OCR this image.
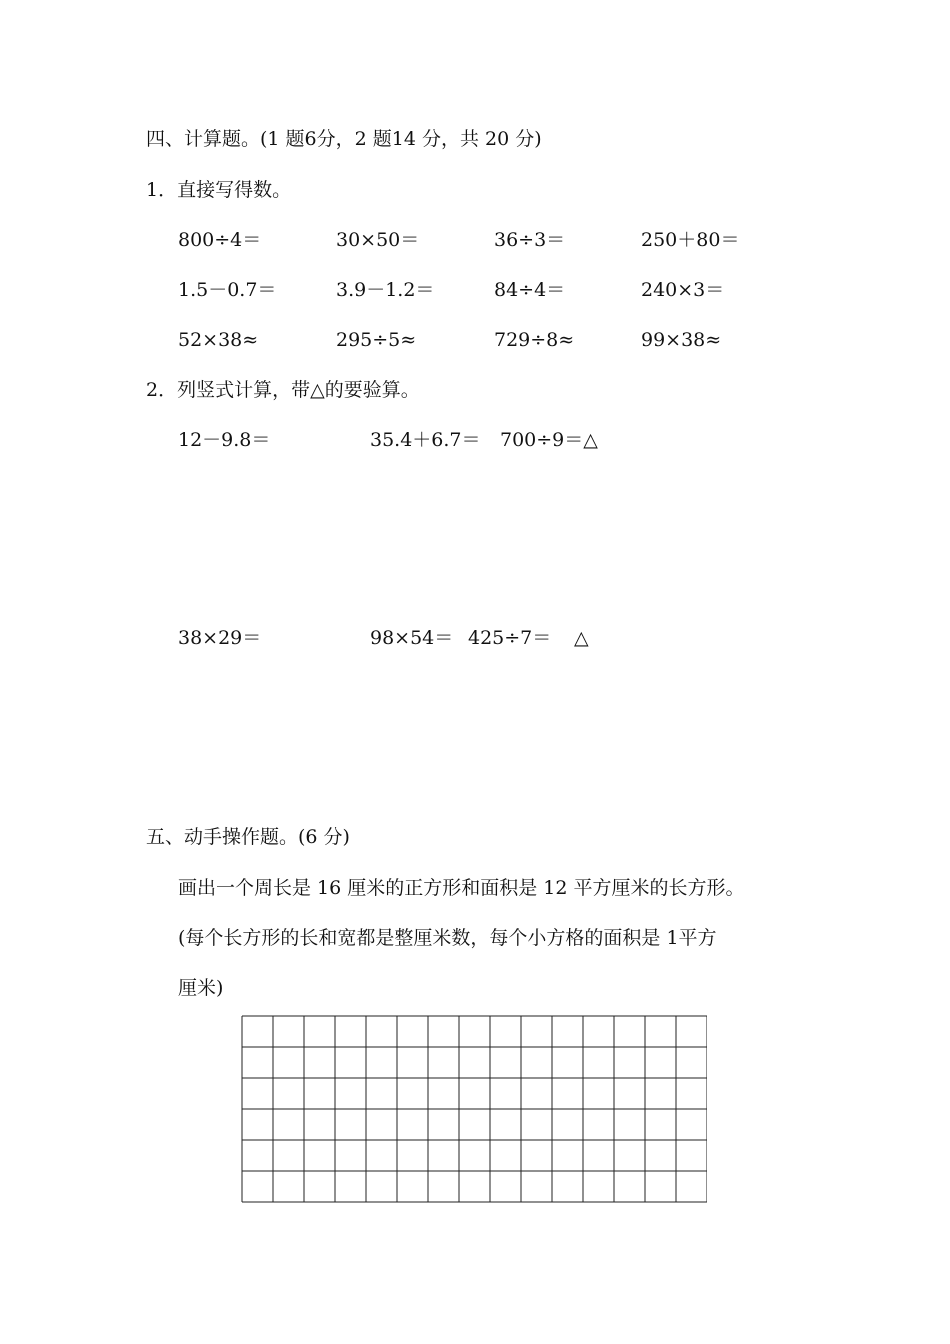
四、计算题。(1 题6分，2 题14 分，共 20 分)
1．直接写得数。
800÷4＝	30×50＝	36÷3＝	250＋80＝
1.5－0.7＝	3.9－1.2＝	84÷4＝	240×3＝
52×38≈	295÷5≈	729÷8≈	99×38≈
2．列竖式计算，带△的要验算。
12－9.8＝	35.4＋6.7＝ 700÷9＝△
38×29＝	98×54＝ 425÷7＝ △
五、动手操作题。(6 分)
画出一个周长是 16 厘米的正方形和面积是 12 平方厘米的长方形。
(每个长方形的长和宽都是整厘米数，每个小方格的面积是 1平方
厘米)
